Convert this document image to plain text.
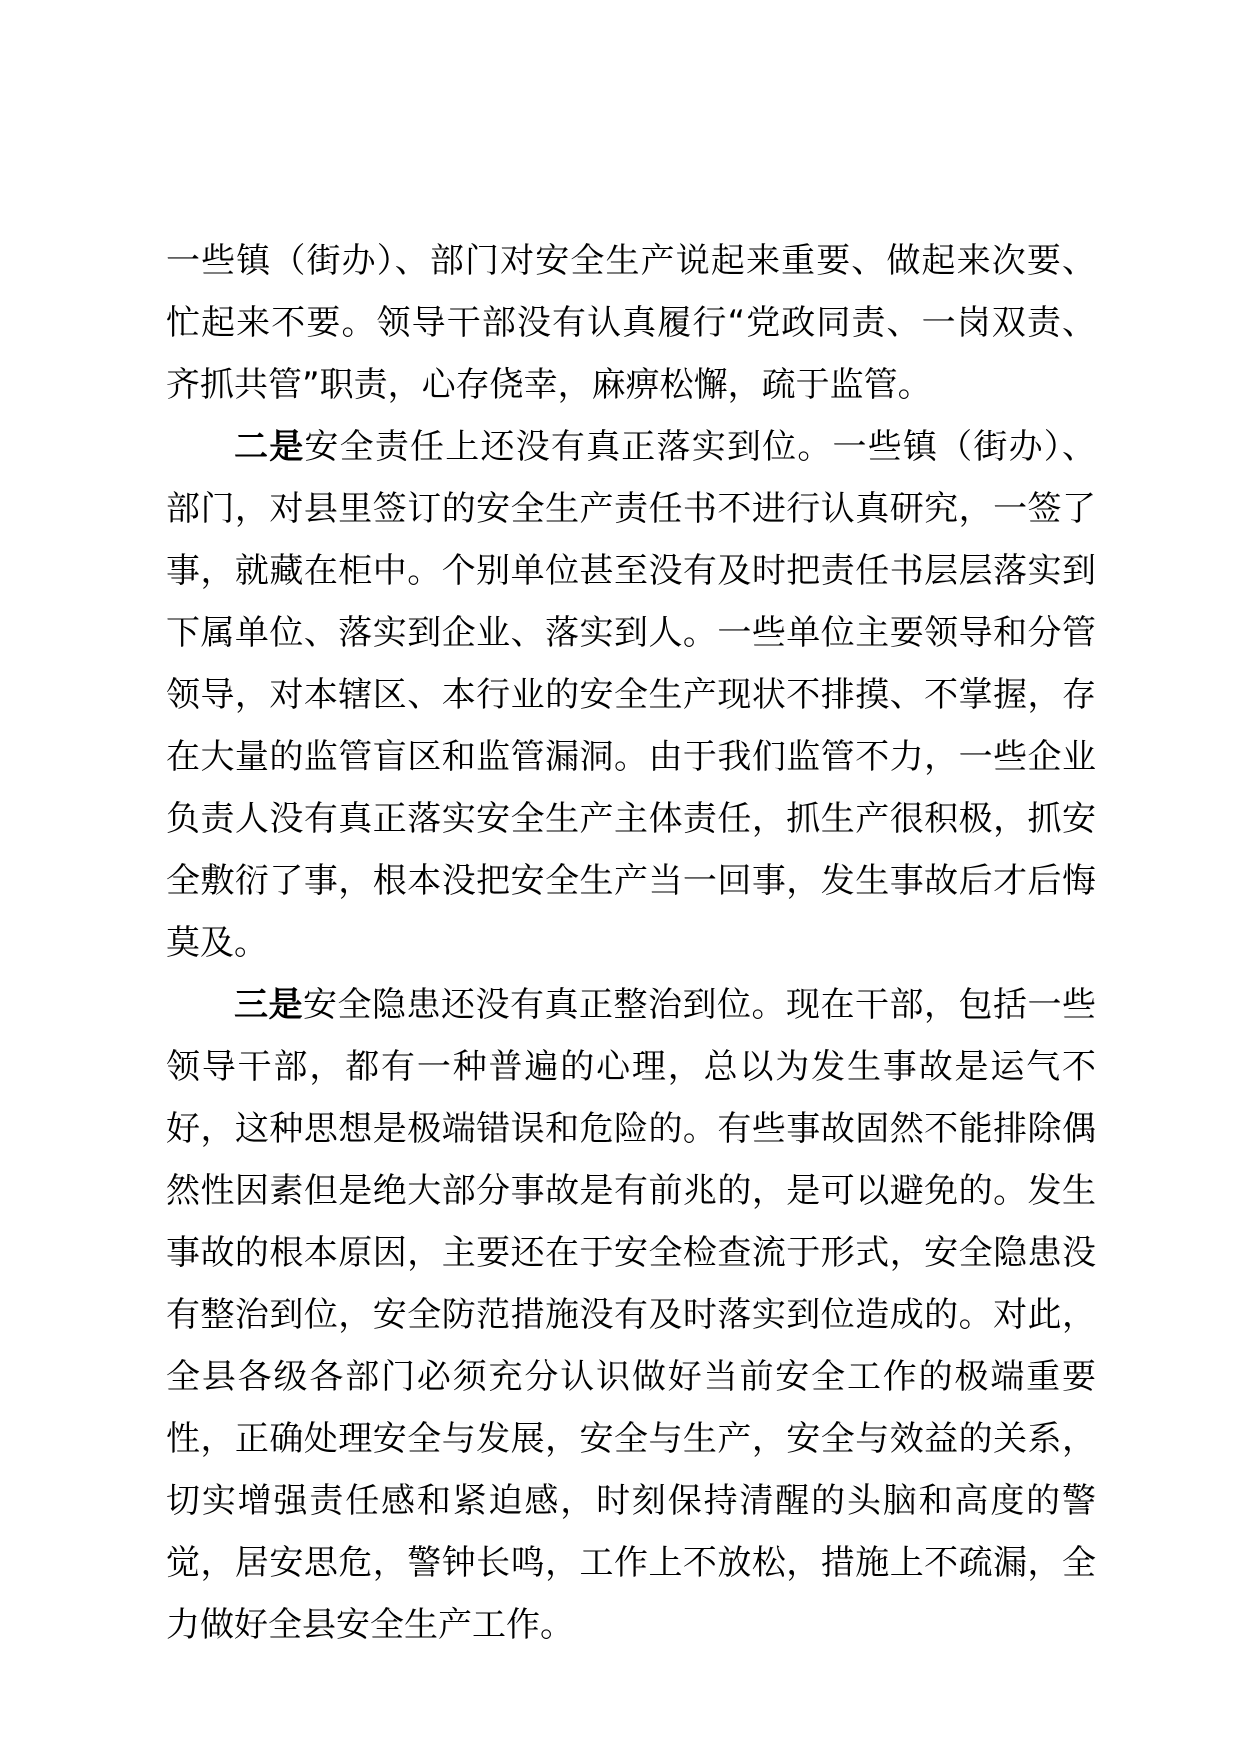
一些镇（街办）、部门对安全生产说起来重要、做起来次要、忙起来不要。领导干部没有认真履行“党政同责、一岗双责、齐抓共管”职责，心存侥幸，麻痹松懈，疏于监管。

二是安全责任上还没有真正落实到位。一些镇（街办）、部门，对县里签订的安全生产责任书不进行认真研究，一签了事，就藏在柜中。个别单位甚至没有及时把责任书层层落实到下属单位、落实到企业、落实到人。一些单位主要领导和分管领导，对本辖区、本行业的安全生产现状不排摸、不掌握，存在大量的监管盲区和监管漏洞。由于我们监管不力，一些企业负责人没有真正落实安全生产主体责任，抓生产很积极，抓安全敷衍了事，根本没把安全生产当一回事，发生事故后才后悔莫及。

三是安全隐患还没有真正整治到位。现在干部，包括一些领导干部，都有一种普遍的心理，总以为发生事故是运气不好，这种思想是极端错误和危险的。有些事故固然不能排除偶然性因素但是绝大部分事故是有前兆的，是可以避免的。发生事故的根本原因，主要还在于安全检查流于形式，安全隐患没有整治到位，安全防范措施没有及时落实到位造成的。对此，全县各级各部门必须充分认识做好当前安全工作的极端重要性，正确处理安全与发展，安全与生产，安全与效益的关系，切实增强责任感和紧迫感，时刻保持清醒的头脑和高度的警觉，居安思危，警钟长鸣，工作上不放松，措施上不疏漏，全力做好全县安全生产工作。
